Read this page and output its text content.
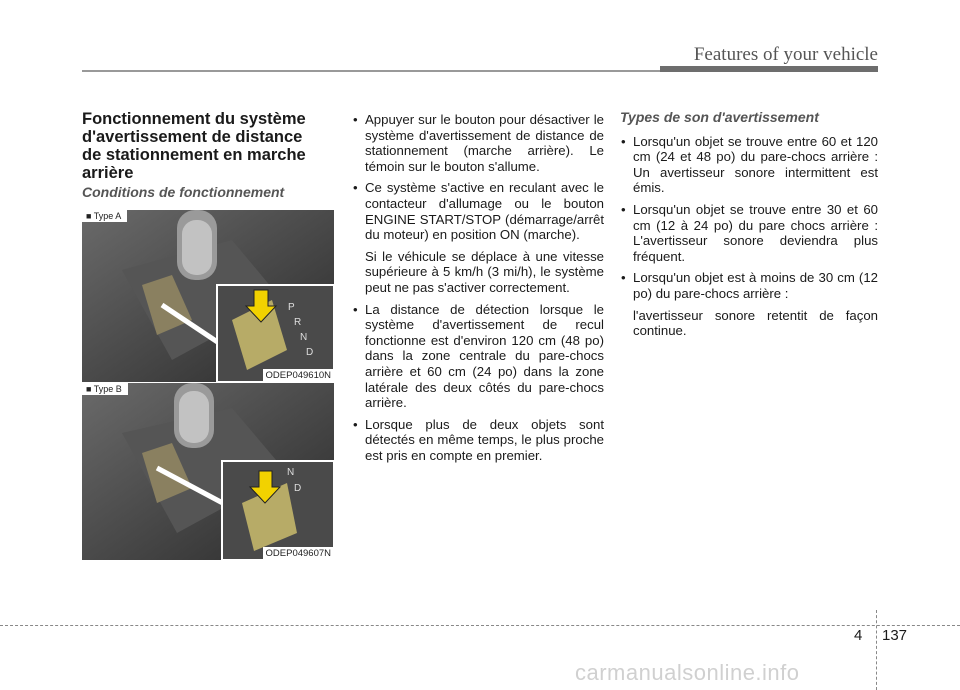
Features of your vehicle
Fonctionnement du système d'avertissement de distance de stationnement en marche arrière
Conditions de fonctionnement
P
R
N
D
■ Type A
ODEP049610N
N
D
■ Type B
ODEP049607N
• Appuyer sur le bouton pour désactiver le système d'avertissement de distance de stationnement (marche arrière). Le témoin sur le bouton s'allume.
• Ce système s'active en reculant avec le contacteur d'allumage ou le bouton ENGINE START/STOP (démarrage/arrêt du moteur) en position ON (marche).
Si le véhicule se déplace à une vitesse supérieure à 5 km/h (3 mi/h), le système peut ne pas s'activer correctement.
• La distance de détection lorsque le système d'avertissement de recul fonctionne est d'environ 120 cm (48 po) dans la zone centrale du pare-chocs arrière et 60 cm (24 po) dans la zone latérale des deux côtés du pare-chocs arrière.
• Lorsque plus de deux objets sont détectés en même temps, le plus proche est pris en compte en premier.
Types de son d'avertissement
• Lorsqu'un objet se trouve entre 60 et 120 cm (24 et 48 po) du pare-chocs arrière : Un avertisseur sonore intermittent est émis.
• Lorsqu'un objet se trouve entre 30 et 60 cm (12 à 24 po) du pare chocs arrière : L'avertisseur sonore deviendra plus fréquent.
• Lorsqu'un objet est à moins de 30 cm (12 po) du pare-chocs arrière :
l'avertisseur sonore retentit de façon continue.
4 137
carmanualsonline.info
